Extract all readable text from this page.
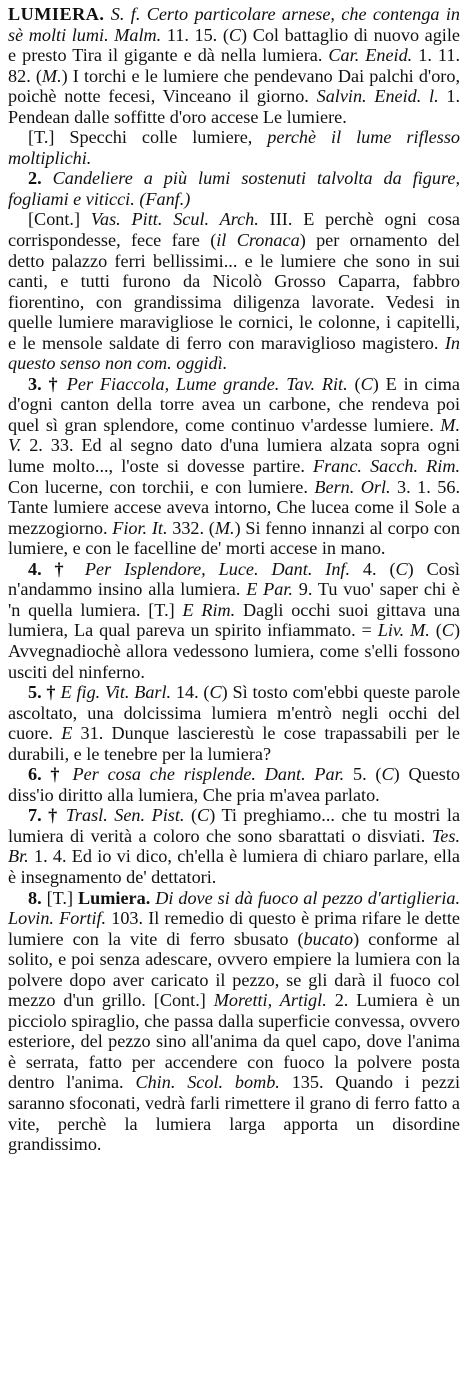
LUMIERA. S. f. Certo particolare arnese, che contenga in sè molti lumi. Malm. 11. 15. (C) Col battaglio di nuovo agile e presto Tira il gigante e dà nella lumiera. Car. Eneid. 1. 11. 82. (M.) I torchi e le lumiere che pendevano Dai palchi d'oro, poichè notte fecesi, Vinceano il giorno. Salvin. Eneid. l. 1. Pendean dalle soffitte d'oro accese Le lumiere.

[T.] Specchi colle lumiere, perchè il lume riflesso moltiplichi.

2. Candeliere a più lumi sostenuti talvolta da figure, fogliami e viticci. (Fanf.)

[Cont.] Vas. Pitt. Scul. Arch. III. E perchè ogni cosa corrispondesse, fece fare (il Cronaca) per ornamento del detto palazzo ferri bellissimi... e le lumiere che sono in sui canti, e tutti furono da Nicolò Grosso Caparra, fabbro fiorentino, con grandissima diligenza lavorate. Vedesi in quelle lumiere maravigliose le cornici, le colonne, i capitelli, e le mensole saldate di ferro con maraviglioso magistero. In questo senso non com. oggidì.

3. † Per Fiaccola, Lume grande. Tav. Rit. (C) E in cima d'ogni canton della torre avea un carbone, che rendeva poi quel sì gran splendore, come continuo v'ardesse lumiere. M. V. 2. 33. Ed al segno dato d'una lumiera alzata sopra ogni lume molto..., l'oste si dovesse partire. Franc. Sacch. Rim. Con lucerne, con torchii, e con lumiere. Bern. Orl. 3. 1. 56. Tante lumiere accese aveva intorno, Che lucea come il Sole a mezzogiorno. Fior. It. 332. (M.) Si fenno innanzi al corpo con lumiere, e con le facelline de' morti accese in mano.

4. † Per Isplendore, Luce. Dant. Inf. 4. (C) Così n'andammo insino alla lumiera. E Par. 9. Tu vuo' saper chi è 'n quella lumiera. [T.] E Rim. Dagli occhi suoi gittava una lumiera, La qual pareva un spirito infiammato. = Liv. M. (C) Avvegnadiochè allora vedessono lumiera, come s'elli fossono usciti del ninferno.

5. † E fig. Vit. Barl. 14. (C) Sì tosto com'ebbi queste parole ascoltato, una dolcissima lumiera m'entrò negli occhi del cuore. E 31. Dunque lascierestù le cose trapassabili per le durabili, e le tenebre per la lumiera?

6. † Per cosa che risplende. Dant. Par. 5. (C) Questo diss'io diritto alla lumiera, Che pria m'avea parlato.

7. † Trasl. Sen. Pist. (C) Ti preghiamo... che tu mostri la lumiera di verità a coloro che sono sbarattati o disviati. Tes. Br. 1. 4. Ed io vi dico, ch'ella è lumiera di chiaro parlare, ella è insegnamento de' dettatori.

8. [T.] Lumiera. Di dove si dà fuoco al pezzo d'artiglieria. Lovin. Fortif. 103. Il remedio di questo è prima rifare le dette lumiere con la vite di ferro sbusato (bucato) conforme al solito, e poi senza adescare, ovvero empiere la lumiera con la polvere dopo aver caricato il pezzo, se gli darà il fuoco col mezzo d'un grillo. [Cont.] Moretti, Artigl. 2. Lumiera è un picciolo spiraglio, che passa dalla superficie convessa, ovvero esteriore, del pezzo sino all'anima da quel capo, dove l'anima è serrata, fatto per accendere con fuoco la polvere posta dentro l'anima. Chin. Scol. bomb. 135. Quando i pezzi saranno sfoconati, vedrà farli rimettere il grano di ferro fatto a vite, perchè la lumiera larga apporta un disordine grandissimo.
